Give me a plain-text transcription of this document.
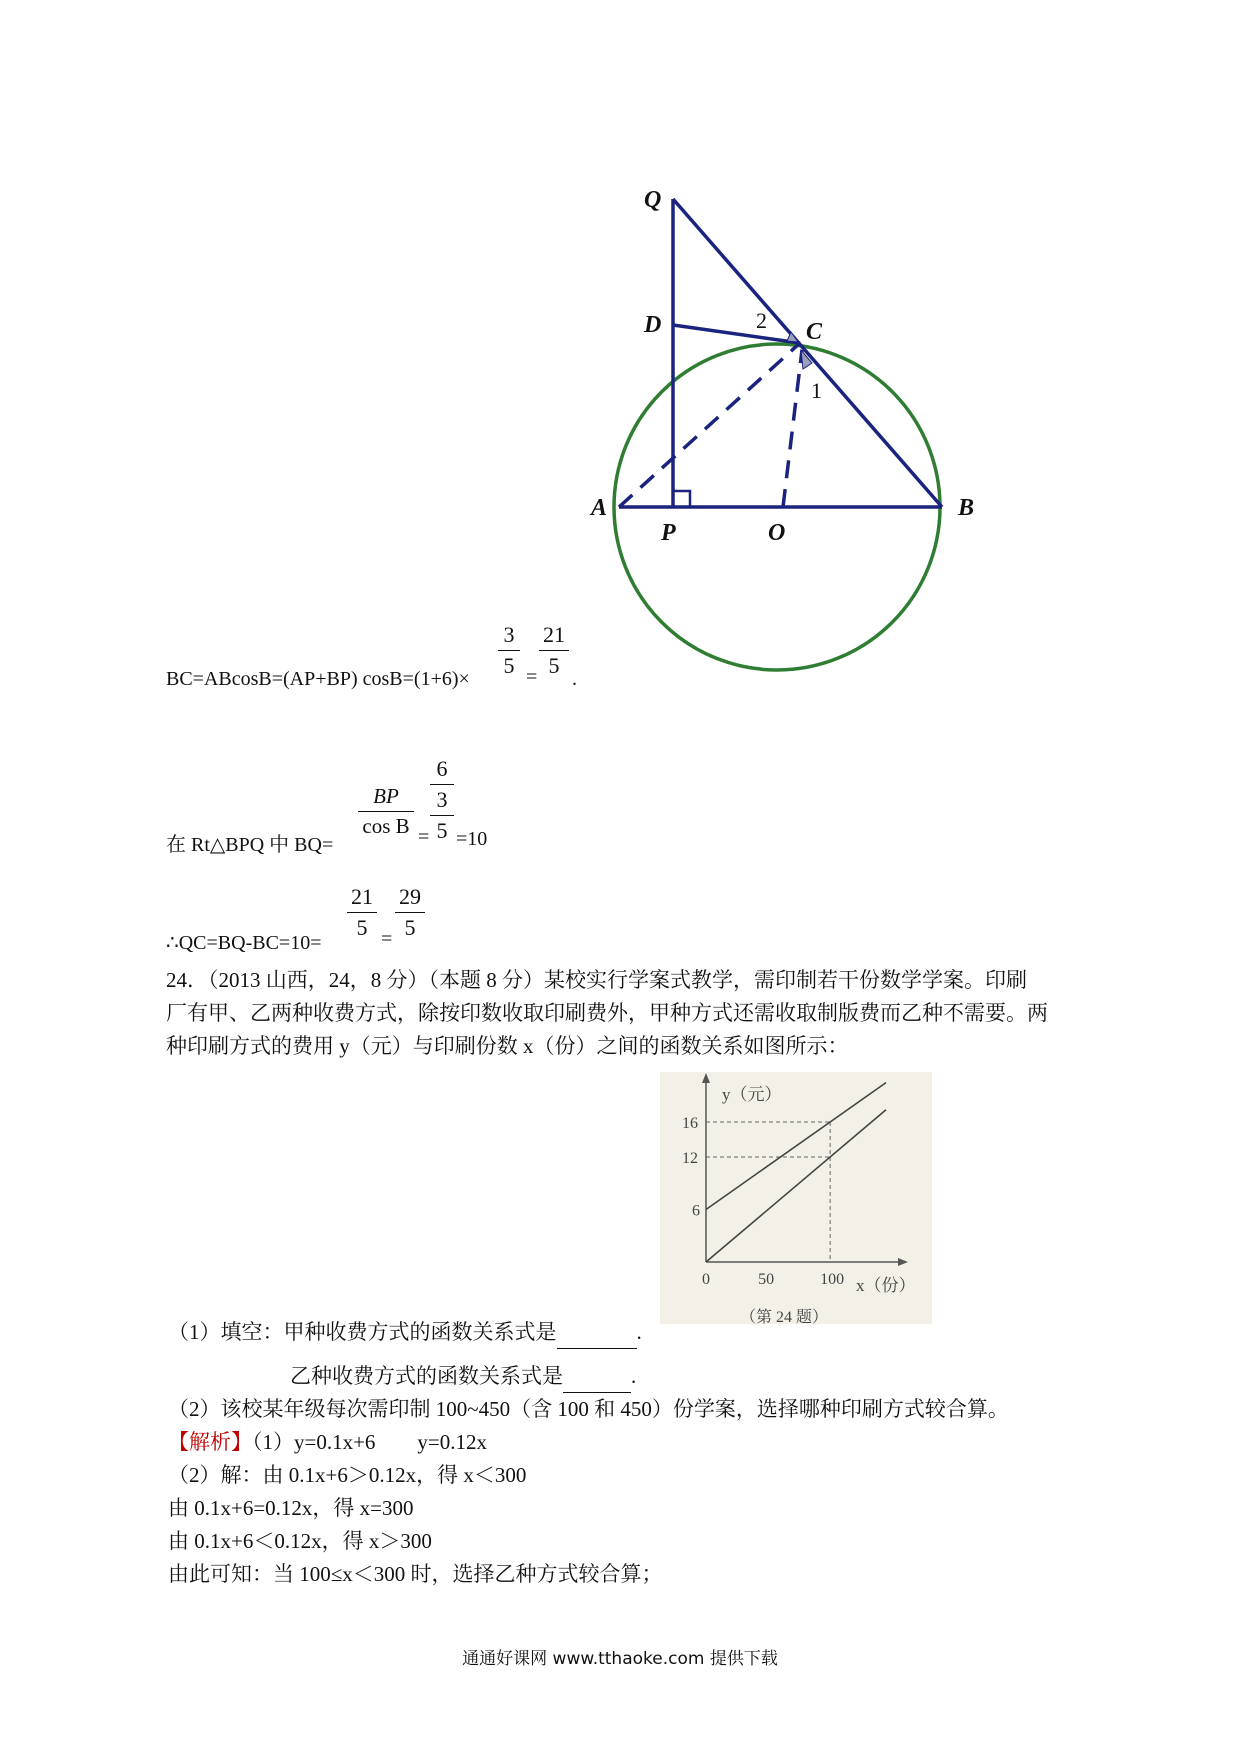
Q
D	C
A
P	O
B
2
1
BC=ABcosB=(AP+BP) cosB=(1+6)×
3
5 =
21
5
.
在 Rt△BPQ 中 BQ=
BP
cos B =
6
3
5 =10
∴QC=BQ-BC=10=
21
5 =
29
5
24．（2013 山西，24，8 分）（本题 8 分）某校实行学案式教学，需印制若干份数学学案。印刷
厂有甲、乙两种收费方式，除按印数收取印刷费外，甲种方式还需收取制版费而乙种不需要。两
种印刷方式的费用 y（元）与印刷份数 x（份）之间的函数关系如图所示：
0	50	100
6
12
16
y（元）
x（份）
（第 24 题）
（1）填空：甲种收费方式的函数关系式是	.
乙种收费方式的函数关系式是	.
（2）该校某年级每次需印制 100~450（含 100 和 450）份学案，选择哪种印刷方式较合算。
【解析】（1）y=0.1x+6　　y=0.12x
（2）解：由 0.1x+6＞0.12x，得 x＜300
由 0.1x+6=0.12x，得 x=300
由 0.1x+6＜0.12x，得 x＞300
由此可知：当 100≤x＜300 时，选择乙种方式较合算；
通通好课网 www.tthaoke.com 提供下载
